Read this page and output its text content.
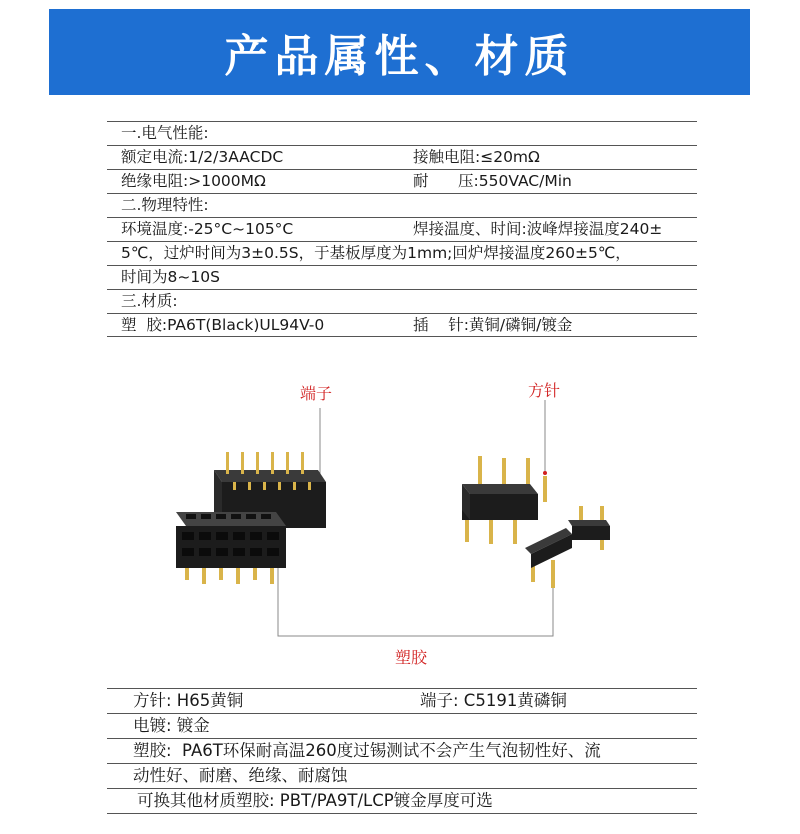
产品属性、材质
一.电气性能:
额定电流:1/2/3AACDC	接触电阻:≤20mΩ
绝缘电阻:>1000MΩ	耐      压:550VAC/Min
二.物理特性:
环境温度:-25°C~105°C	焊接温度、时间:波峰焊接温度240±
5℃，过炉时间为3±0.5S，于基板厚度为1mm;回炉焊接温度260±5℃，
时间为8~10S
三.材质:
塑  胶:PA6T(Black)UL94V-0	插    针:黄铜/磷铜/镀金
端子	方针
塑胶
方针: H65黄铜	端子: C5191黄磷铜
电镀: 镀金
塑胶:  PA6T环保耐高温260度过锡测试不会产生气泡韧性好、流
动性好、耐磨、绝缘、耐腐蚀
可换其他材质塑胶: PBT/PA9T/LCP镀金厚度可选
